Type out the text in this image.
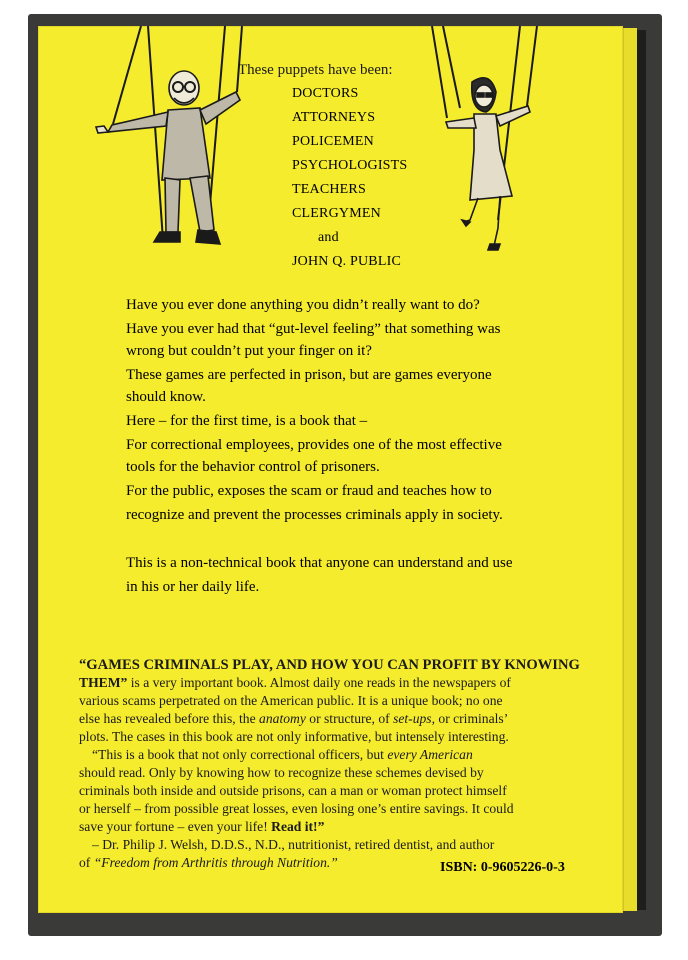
These puppets have been:
DOCTORS
ATTORNEYS
POLICEMEN
PSYCHOLOGISTS
TEACHERS
CLERGYMEN
and
JOHN Q. PUBLIC
Have you ever done anything you didn’t really want to do?
Have you ever had that “gut-level feeling” that something was
wrong but couldn’t put your finger on it?
These games are perfected in prison, but are games everyone
should know.
Here – for the first time, is a book that –
For correctional employees, provides one of the most effective
tools for the behavior control of prisoners.
For the public, exposes the scam or fraud and teaches how to
recognize and prevent the processes criminals apply in society.
This is a non-technical book that anyone can understand and use
in his or her daily life.
“GAMES CRIMINALS PLAY, AND HOW YOU CAN PROFIT BY KNOWING
THEM” is a very important book. Almost daily one reads in the newspapers of
various scams perpetrated on the American public. It is a unique book; no one
else has revealed before this, the anatomy or structure, of set-ups, or criminals’
plots. The cases in this book are not only informative, but intensely interesting.
“This is a book that not only correctional officers, but every American
should read. Only by knowing how to recognize these schemes devised by
criminals both inside and outside prisons, can a man or woman protect himself
or herself – from possible great losses, even losing one’s entire savings. It could
save your fortune – even your life! Read it!”
– Dr. Philip J. Welsh, D.D.S., N.D., nutritionist, retired dentist, and author
of “Freedom from Arthritis through Nutrition.”	ISBN: 0-9605226-0-3
